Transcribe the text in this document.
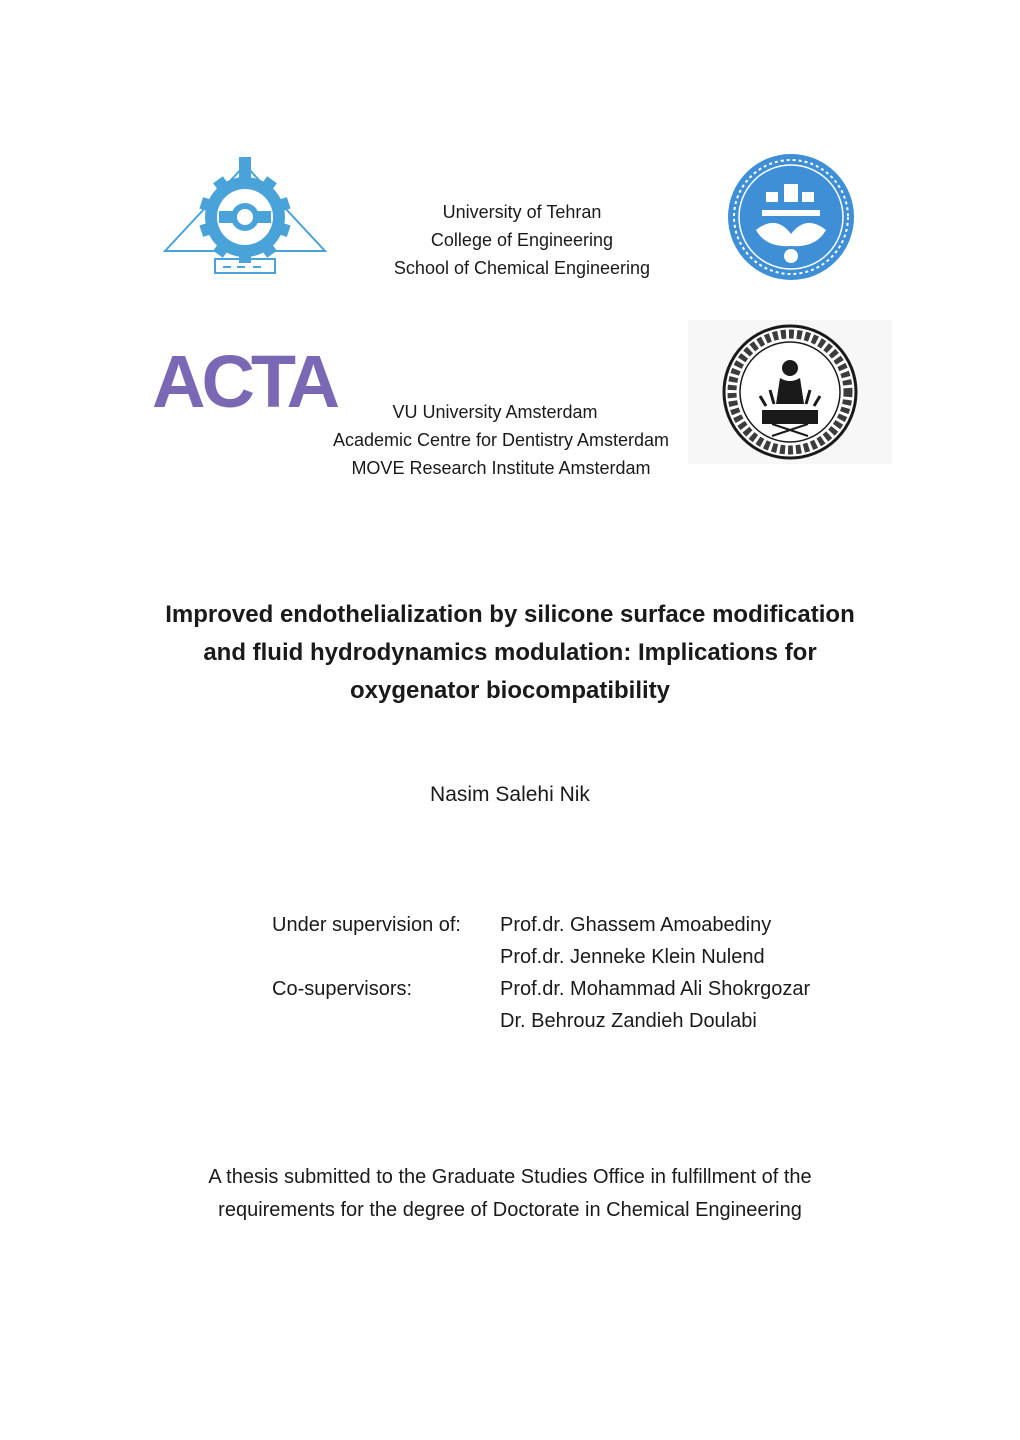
University of Tehran
College of Engineering
School of Chemical Engineering
ACTA	VU University Amsterdam
Academic Centre for Dentistry Amsterdam
MOVE Research Institute Amsterdam
Improved endothelialization by silicone surface modification
and fluid hydrodynamics modulation: Implications for
oxygenator biocompatibility
Nasim Salehi Nik
Under supervision of:	Prof.dr. Ghassem Amoabediny
Prof.dr. Jenneke Klein Nulend
Co-supervisors:	Prof.dr. Mohammad Ali Shokrgozar
Dr. Behrouz Zandieh Doulabi
A thesis submitted to the Graduate Studies Office in fulfillment of the
requirements for the degree of Doctorate in Chemical Engineering
